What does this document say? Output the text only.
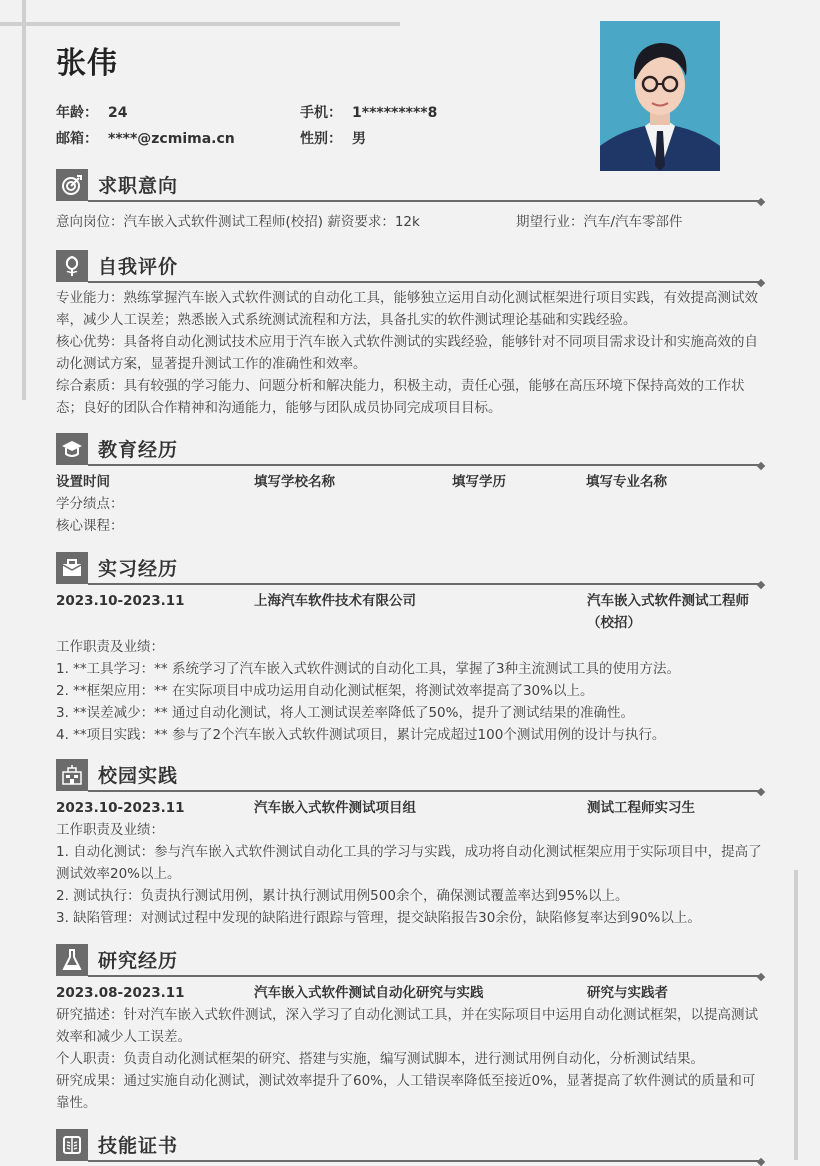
张伟
年龄： 24	手机： 1*********8
邮箱： ****@zcmima.cn	性别： 男
求职意向
意向岗位：汽车嵌入式软件测试工程师(校招) 薪资要求：12k	期望行业：汽车/汽车零部件
自我评价
专业能力：熟练掌握汽车嵌入式软件测试的自动化工具，能够独立运用自动化测试框架进行项目实践，有效提高测试效率，减少人工误差；熟悉嵌入式系统测试流程和方法，具备扎实的软件测试理论基础和实践经验。
核心优势：具备将自动化测试技术应用于汽车嵌入式软件测试的实践经验，能够针对不同项目需求设计和实施高效的自动化测试方案，显著提升测试工作的准确性和效率。
综合素质：具有较强的学习能力、问题分析和解决能力，积极主动，责任心强，能够在高压环境下保持高效的工作状态；良好的团队合作精神和沟通能力，能够与团队成员协同完成项目目标。
教育经历
设置时间	填写学校名称	填写学历	填写专业名称
学分绩点：
核心课程：
实习经历
2023.10-2023.11	上海汽车软件技术有限公司	汽车嵌入式软件测试工程师（校招）
工作职责及业绩：
1. **工具学习：** 系统学习了汽车嵌入式软件测试的自动化工具，掌握了3种主流测试工具的使用方法。
2. **框架应用：** 在实际项目中成功运用自动化测试框架，将测试效率提高了30%以上。
3. **误差减少：** 通过自动化测试，将人工测试误差率降低了50%，提升了测试结果的准确性。
4. **项目实践：** 参与了2个汽车嵌入式软件测试项目，累计完成超过100个测试用例的设计与执行。
校园实践
2023.10-2023.11	汽车嵌入式软件测试项目组	测试工程师实习生
工作职责及业绩：
1. 自动化测试：参与汽车嵌入式软件测试自动化工具的学习与实践，成功将自动化测试框架应用于实际项目中，提高了测试效率20%以上。
2. 测试执行：负责执行测试用例，累计执行测试用例500余个，确保测试覆盖率达到95%以上。
3. 缺陷管理：对测试过程中发现的缺陷进行跟踪与管理，提交缺陷报告30余份，缺陷修复率达到90%以上。
研究经历
2023.08-2023.11	汽车嵌入式软件测试自动化研究与实践	研究与实践者
研究描述：针对汽车嵌入式软件测试，深入学习了自动化测试工具，并在实际项目中运用自动化测试框架，以提高测试效率和减少人工误差。
个人职责：负责自动化测试框架的研究、搭建与实施，编写测试脚本，进行测试用例自动化，分析测试结果。
研究成果：通过实施自动化测试，测试效率提升了60%，人工错误率降低至接近0%，显著提高了软件测试的质量和可靠性。
技能证书
